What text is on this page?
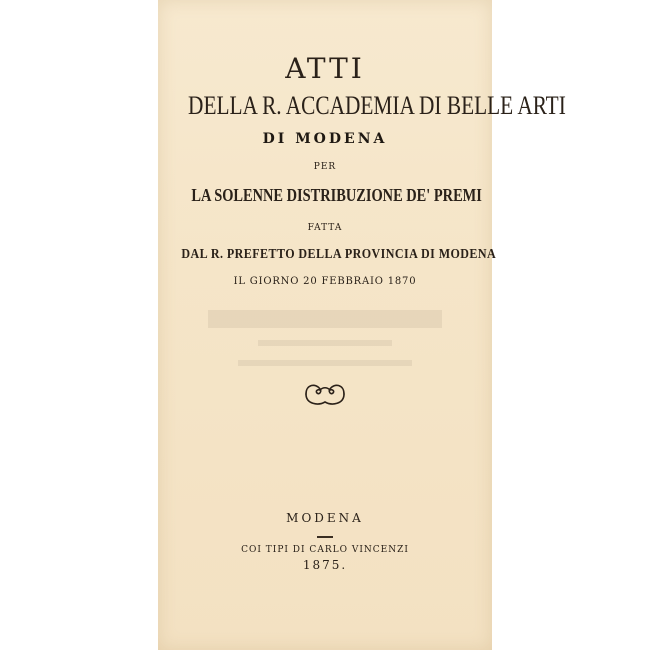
ATTI
DELLA R. ACCADEMIA DI BELLE ARTI
DI MODENA
PER
LA SOLENNE DISTRIBUZIONE DE' PREMI
FATTA
DAL R. PREFETTO DELLA PROVINCIA DI MODENA
IL GIORNO 20 FEBBRAIO 1870
MODENA
COI TIPI DI CARLO VINCENZI
1875.
